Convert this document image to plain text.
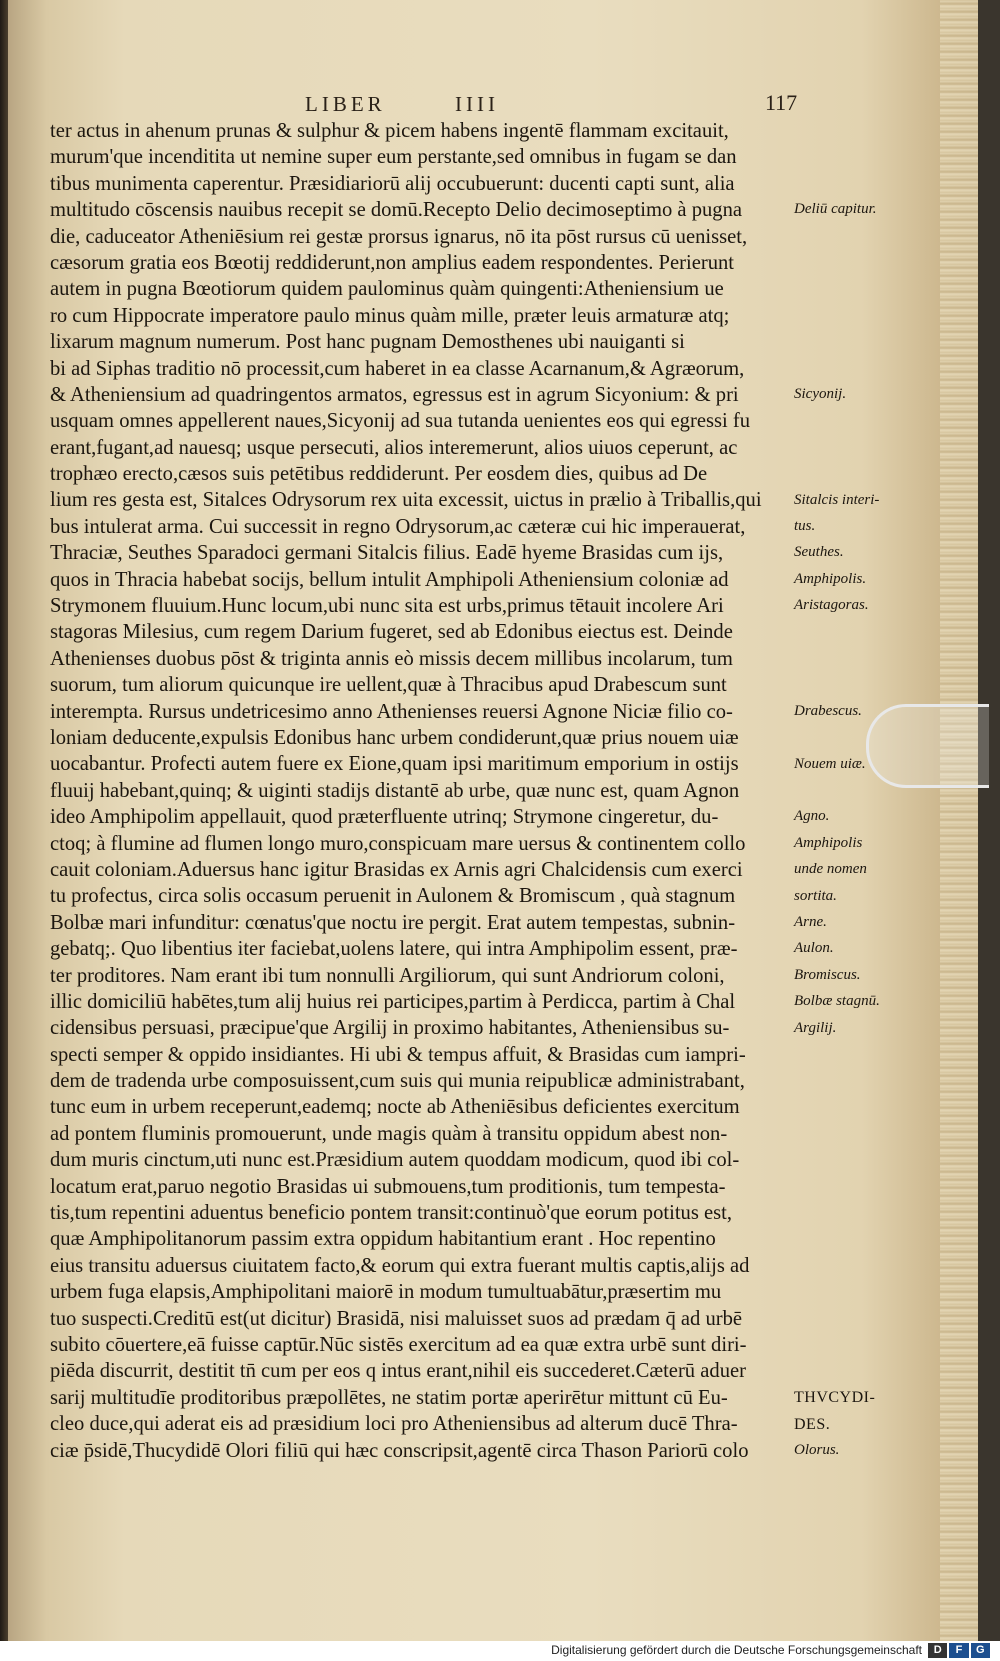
LIBER	IIII	117
ter actus in ahenum prunas & sulphur & picem habens ingentē flammam excitauit,
murum'que incenditita ut nemine super eum perstante,sed omnibus in fugam se dan
tibus munimenta caperentur. Præsidiariorū alij occubuerunt: ducenti capti sunt, alia
multitudo cōscensis nauibus recepit se domū.Recepto Delio decimoseptimo à pugna
die, caduceator Atheniēsium rei gestæ prorsus ignarus, nō ita pōst rursus cū uenisset,
cæsorum gratia eos Bœotij reddiderunt,non amplius eadem respondentes. Perierunt
autem in pugna Bœotiorum quidem paulominus quàm quingenti:Atheniensium ue
ro cum Hippocrate imperatore paulo minus quàm mille, præter leuis armaturæ atq;
lixarum magnum numerum. Post hanc pugnam Demosthenes ubi nauiganti si
bi ad Siphas traditio nō processit,cum haberet in ea classe Acarnanum,& Agræorum,
& Atheniensium ad quadringentos armatos, egressus est in agrum Sicyonium: & pri
usquam omnes appellerent naues,Sicyonij ad sua tutanda uenientes eos qui egressi fu
erant,fugant,ad nauesq; usque persecuti, alios interemerunt, alios uiuos ceperunt, ac
trophæo erecto,cæsos suis petētibus reddiderunt. Per eosdem dies, quibus ad De
lium res gesta est, Sitalces Odrysorum rex uita excessit, uictus in prælio à Triballis,qui
bus intulerat arma. Cui successit in regno Odrysorum,ac cæteræ cui hic imperauerat,
Thraciæ, Seuthes Sparadoci germani Sitalcis filius. Eadē hyeme Brasidas cum ijs,
quos in Thracia habebat socijs, bellum intulit Amphipoli Atheniensium coloniæ ad
Strymonem fluuium.Hunc locum,ubi nunc sita est urbs,primus tētauit incolere Ari
stagoras Milesius, cum regem Darium fugeret, sed ab Edonibus eiectus est. Deinde
Athenienses duobus pōst & triginta annis eò missis decem millibus incolarum, tum
suorum, tum aliorum quicunque ire uellent,quæ à Thracibus apud Drabescum sunt
interempta. Rursus undetricesimo anno Athenienses reuersi Agnone Niciæ filio co-
loniam deducente,expulsis Edonibus hanc urbem condiderunt,quæ prius nouem uiæ
uocabantur. Profecti autem fuere ex Eione,quam ipsi maritimum emporium in ostijs
fluuij habebant,quinq; & uiginti stadijs distantē ab urbe, quæ nunc est, quam Agnon
ideo Amphipolim appellauit, quod præterfluente utrinq; Strymone cingeretur, du-
ctoq; à flumine ad flumen longo muro,conspicuam mare uersus & continentem collo
cauit coloniam.Aduersus hanc igitur Brasidas ex Arnis agri Chalcidensis cum exerci
tu profectus, circa solis occasum peruenit in Aulonem & Bromiscum , quà stagnum
Bolbæ mari infunditur: cœnatus'que noctu ire pergit. Erat autem tempestas, subnin-
gebatq;. Quo libentius iter faciebat,uolens latere, qui intra Amphipolim essent, præ-
ter proditores. Nam erant ibi tum nonnulli Argiliorum, qui sunt Andriorum coloni,
illic domiciliū habētes,tum alij huius rei participes,partim à Perdicca, partim à Chal
cidensibus persuasi, præcipue'que Argilij in proximo habitantes, Atheniensibus su-
specti semper & oppido insidiantes. Hi ubi & tempus affuit, & Brasidas cum iampri-
dem de tradenda urbe composuissent,cum suis qui munia reipublicæ administrabant,
tunc eum in urbem receperunt,eademq; nocte ab Atheniēsibus deficientes exercitum
ad pontem fluminis promouerunt, unde magis quàm à transitu oppidum abest non-
dum muris cinctum,uti nunc est.Præsidium autem quoddam modicum, quod ibi col-
locatum erat,paruo negotio Brasidas ui submouens,tum proditionis, tum tempesta-
tis,tum repentini aduentus beneficio pontem transit:continuò'que eorum potitus est,
quæ Amphipolitanorum passim extra oppidum habitantium erant . Hoc repentino
eius transitu aduersus ciuitatem facto,& eorum qui extra fuerant multis captis,alijs ad
urbem fuga elapsis,Amphipolitani maiorē in modum tumultuabātur,præsertim mu
tuo suspecti.Creditū est(ut dicitur) Brasidā, nisi maluisset suos ad prædam q̄ ad urbē
subito cōuertere,eā fuisse captūr.Nūc sistēs exercitum ad ea quæ extra urbē sunt diri-
piēda discurrit, destitit tn̄ cum per eos q intus erant,nihil eis succederet.Cæterū aduer
sarij multitudīe proditoribus præpollētes, ne statim portæ aperirētur mittunt cū Eu-
cleo duce,qui aderat eis ad præsidium loci pro Atheniensibus ad alterum ducē Thra-
ciæ p̄sidē,Thucydidē Olori filiū qui hæc conscripsit,agentē circa Thason Pariorū colo
Deliū capitur.
Sicyonij.
Sitalcis interi-
tus.
Seuthes.
Amphipolis.
Aristagoras.
Drabescus.
Nouem uiæ.
Agno.
Amphipolis
unde nomen
sortita.
Arne.
Aulon.
Bromiscus.
Bolbæ stagnū.
Argilij.
THVCYDI-
DES.
Olorus.
Digitalisierung gefördert durch die Deutsche Forschungsgemeinschaft	D	F	G
